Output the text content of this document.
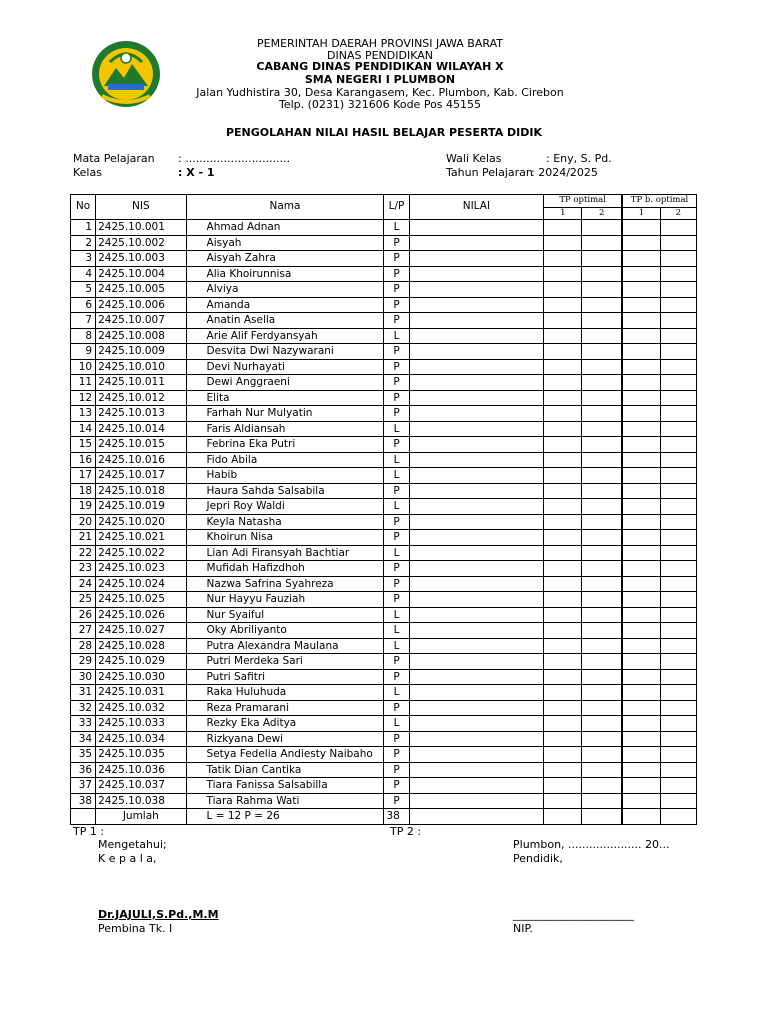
PEMERINTAH DAERAH PROVINSI JAWA BARAT
DINAS PENDIDIKAN
CABANG DINAS PENDIDIKAN WILAYAH X
SMA NEGERI I PLUMBON
Jalan Yudhistira 30, Desa Karangasem, Kec. Plumbon, Kab. Cirebon
Telp. (0231) 321606 Kode Pos 45155
PENGOLAHAN NILAI HASIL BELAJAR PESERTA DIDIK
Mata Pelajaran : ..............................
Kelas	: X - 1
Wali Kelas	: Eny, S. Pd.
Tahun Pelajaran
: 2024/2025
No	NIS	Nama	L/P	NILAI	TP optimal		TP b. optimal	
					1	2	1	2
1	2425.10.001	Ahmad Adnan	L					
2	2425.10.002	Aisyah	P					
3	2425.10.003	Aisyah Zahra	P					
4	2425.10.004	Alia Khoirunnisa	P					
5	2425.10.005	Alviya	P					
6	2425.10.006	Amanda	P					
7	2425.10.007	Anatin Asella	P					
8	2425.10.008	Arie Alif Ferdyansyah	L					
9	2425.10.009	Desvita Dwi Nazywarani	P					
10	2425.10.010	Devi Nurhayati	P					
11	2425.10.011	Dewi Anggraeni	P					
12	2425.10.012	Elita	P					
13	2425.10.013	Farhah Nur Mulyatin	P					
14	2425.10.014	Faris Aldiansah	L					
15	2425.10.015	Febrina Eka Putri	P					
16	2425.10.016	Fido Abila	L					
17	2425.10.017	Habib	L					
18	2425.10.018	Haura Sahda Salsabila	P					
19	2425.10.019	Jepri Roy Waldi	L					
20	2425.10.020	Keyla Natasha	P					
21	2425.10.021	Khoirun Nisa	P					
22	2425.10.022	Lian Adi Firansyah Bachtiar	L					
23	2425.10.023	Mufidah Hafizdhoh	P					
24	2425.10.024	Nazwa Safrina Syahreza	P					
25	2425.10.025	Nur Hayyu Fauziah	P					
26	2425.10.026	Nur Syaiful	L					
27	2425.10.027	Oky Abriliyanto	L					
28	2425.10.028	Putra Alexandra Maulana	L					
29	2425.10.029	Putri Merdeka Sari	P					
30	2425.10.030	Putri Safitri	P					
31	2425.10.031	Raka Huluhuda	L					
32	2425.10.032	Reza Pramarani	P					
33	2425.10.033	Rezky Eka Aditya	L					
34	2425.10.034	Rizkyana Dewi	P					
35	2425.10.035	Setya Fedelia Andiesty Naibaho	P					
36	2425.10.036	Tatik Dian Cantika	P					
37	2425.10.037	Tiara Fanissa Salsabilla	P					
38	2425.10.038	Tiara Rahma Wati	P					
	Jumlah	L = 12 P = 26	38					
TP 1 :	TP 2 :
Mengetahui;
K e p a l a,
Dr.JAJULI,S.Pd.,M.M
Pembina Tk. I
Plumbon, ..................... 20...
Pendidik,
______________________
NIP.
